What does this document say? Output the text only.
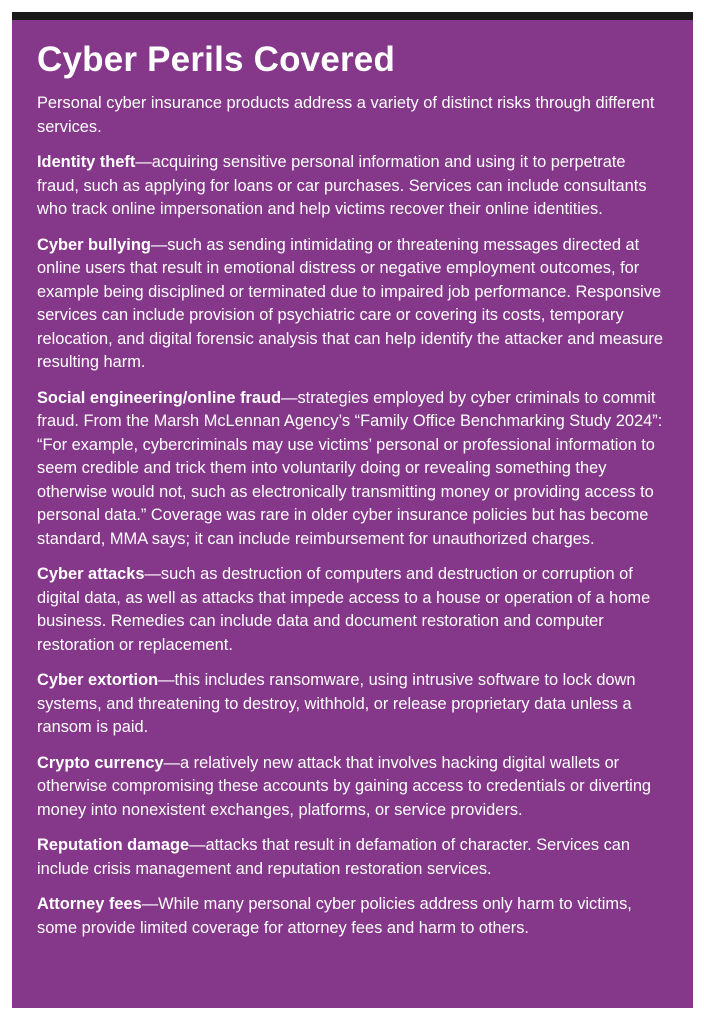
Cyber Perils Covered

Personal cyber insurance products address a variety of distinct risks through different services.

Identity theft—acquiring sensitive personal information and using it to perpetrate fraud, such as applying for loans or car purchases. Services can include consultants who track online impersonation and help victims recover their online identities.

Cyber bullying—such as sending intimidating or threatening messages directed at online users that result in emotional distress or negative employment outcomes, for example being disciplined or terminated due to impaired job performance. Responsive services can include provision of psychiatric care or covering its costs, temporary relocation, and digital forensic analysis that can help identify the attacker and measure resulting harm.

Social engineering/online fraud—strategies employed by cyber criminals to commit fraud. From the Marsh McLennan Agency’s “Family Office Benchmarking Study 2024”: “For example, cybercriminals may use victims’ personal or professional information to seem credible and trick them into voluntarily doing or revealing something they otherwise would not, such as electronically transmitting money or providing access to personal data.” Coverage was rare in older cyber insurance policies but has become standard, MMA says; it can include reimbursement for unauthorized charges.

Cyber attacks—such as destruction of computers and destruction or corruption of digital data, as well as attacks that impede access to a house or operation of a home business. Remedies can include data and document restoration and computer restoration or replacement.

Cyber extortion—this includes ransomware, using intrusive software to lock down systems, and threatening to destroy, withhold, or release proprietary data unless a ransom is paid.

Crypto currency—a relatively new attack that involves hacking digital wallets or otherwise compromising these accounts by gaining access to credentials or diverting money into nonexistent exchanges, platforms, or service providers.

Reputation damage—attacks that result in defamation of character. Services can include crisis management and reputation restoration services.

Attorney fees—While many personal cyber policies address only harm to victims, some provide limited coverage for attorney fees and harm to others.
